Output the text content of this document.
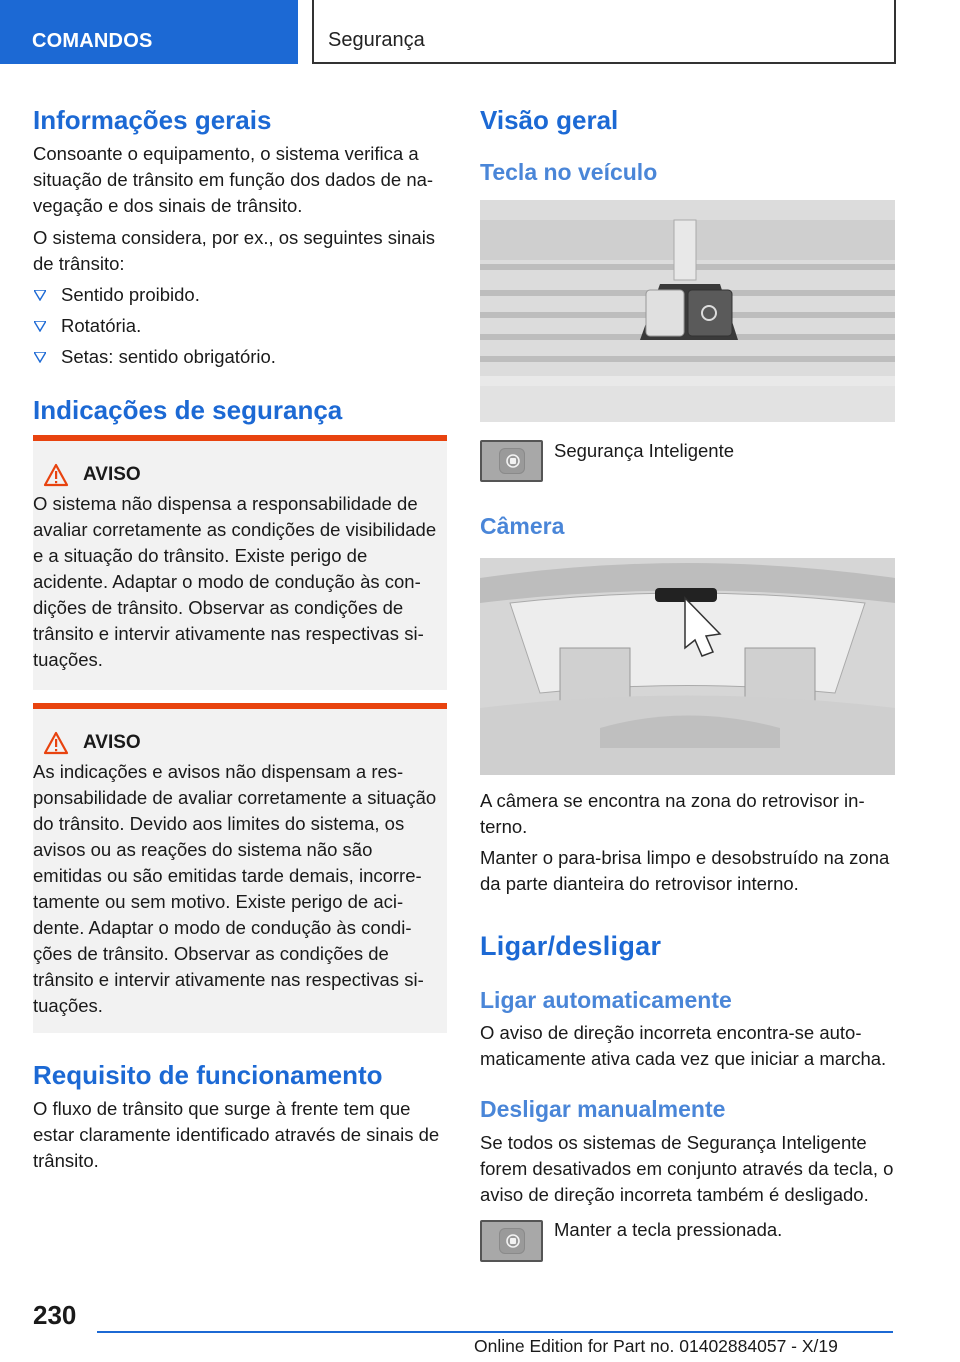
COMANDOS	Segurança
Informações gerais

Consoante o equipamento, o sistema verifica a situação de trânsito em função dos dados de navegação e dos sinais de trânsito.

O sistema considera, por ex., os seguintes sinais de trânsito:

Sentido proibido.
Rotatória.
Setas: sentido obrigatório.
Indicações de segurança
AVISO

O sistema não dispensa a responsabilidade de avaliar corretamente as condições de visibilidade e a situação do trânsito. Existe perigo de acidente. Adaptar o modo de condução às condições de trânsito. Observar as condições de trânsito e intervir ativamente nas respectivas situações.

AVISO

As indicações e avisos não dispensam a responsabilidade de avaliar corretamente a situação do trânsito. Devido aos limites do sistema, os avisos ou as reações do sistema não são emitidas ou são emitidas tarde demais, incorretamente ou sem motivo. Existe perigo de acidente. Adaptar o modo de condução às condições de trânsito. Observar as condições de trânsito e intervir ativamente nas respectivas situações.

Requisito de funcionamento

O fluxo de trânsito que surge à frente tem que estar claramente identificado através de sinais de trânsito.

Visão geral
Tecla no veículo

Segurança Inteligente

Câmera

A câmera se encontra na zona do retrovisor interno.

Manter o para-brisa limpo e desobstruído na zona da parte dianteira do retrovisor interno.

Ligar/desligar
Ligar automaticamente

O aviso de direção incorreta encontra-se automaticamente ativa cada vez que iniciar a marcha.

Desligar manualmente

Se todos os sistemas de Segurança Inteligente forem desativados em conjunto através da tecla, o aviso de direção incorreta também é desligado.

Manter a tecla pressionada.

230
Online Edition for Part no. 01402884057 - X/19
